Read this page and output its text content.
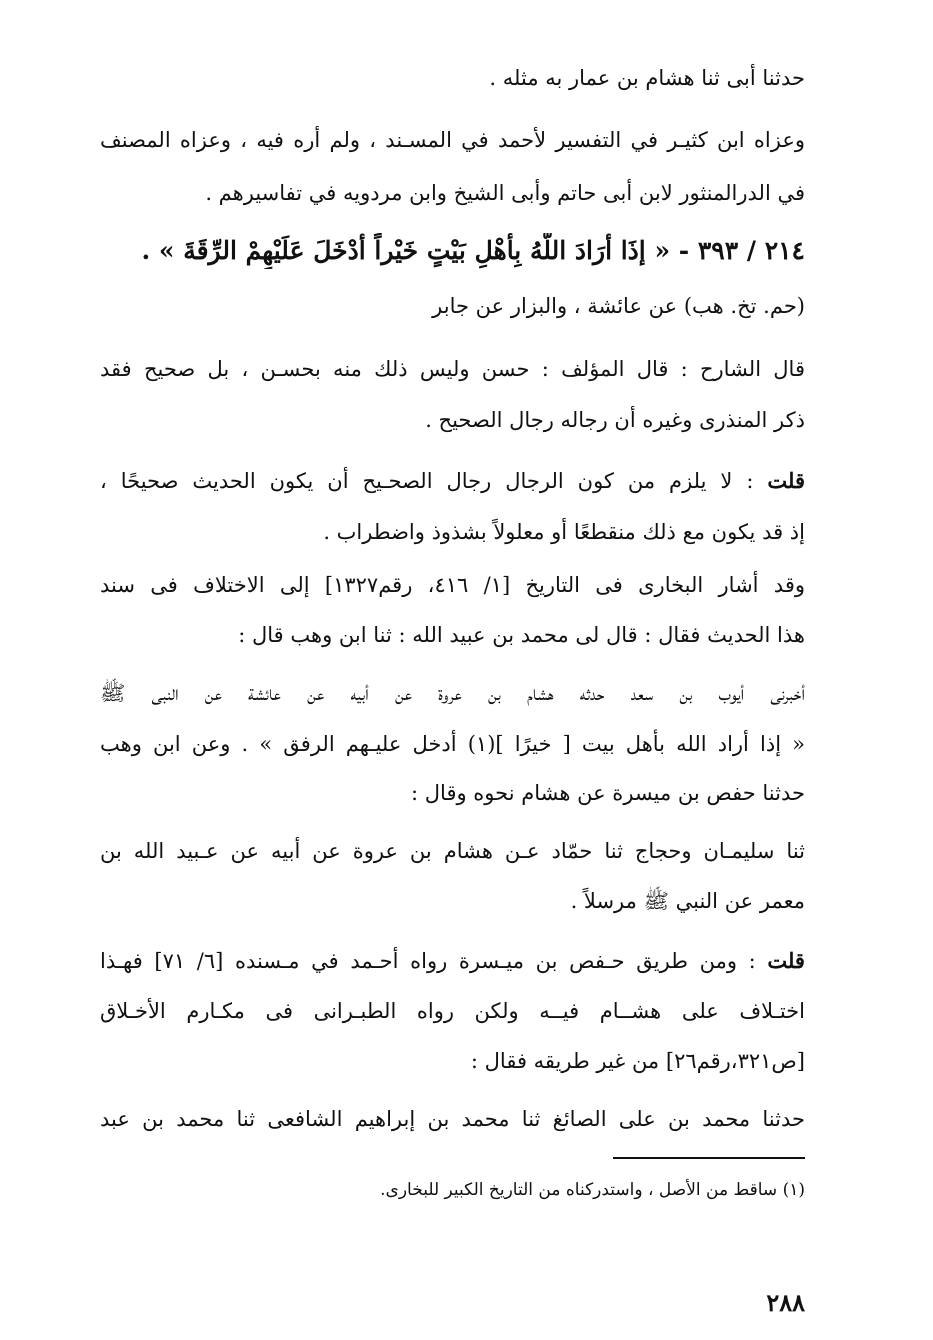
حدثنا أبى ثنا هشام بن عمار به مثله .
وعزاه ابن كثيـر في التفسير لأحمد في المسـند ، ولم أره فيه ، وعزاه المصنف
في الدرالمنثور لابن أبى حاتم وأبى الشيخ وابن مردويه في تفاسيرهم .
٢١٤ / ٣٩٣ - « إذَا أرَادَ اللَّهُ بِأهْلِ بَيْتٍ خَيْراً أدْخَلَ عَلَيْهِمْ الرِّقَةَ » .
(حم. تخ. هب) عن عائشة ، والبزار عن جابر
قال الشارح : قال المؤلف : حسن وليس ذلك منه بحسـن ، بل صحيح فقد
ذكر المنذرى وغيره أن رجاله رجال الصحيح .
قلت : لا يلزم من كون الرجال رجال الصحـيح أن يكون الحديث صحيحًا ،
إذ قد يكون مع ذلك منقطعًا أو معلولاً بشذوذ واضطراب .
وقد أشار البخارى فى التاريخ [١/ ٤١٦، رقم١٣٢٧] إلى الاختلاف فى سند
هذا الحديث فقال : قال لى محمد بن عبيد الله : ثنا ابن وهب قال :
أخبرنى أيوب بن سعد حدثه هشام بن عروة عن أبيه عن عائشة عن النبى ﷺ
« إذا أراد الله بأهل بيت [ خيرًا ](١) أدخل عليـهم الرفق » . وعن ابن وهب
حدثنا حفص بن ميسرة عن هشام نحوه وقال :
ثنا سليمـان وحجاج ثنا حمّاد عـن هشام بن عروة عن أبيه عن عـبيد الله بن
معمر عن النبي ﷺ مرسلاً .
قلت : ومن طريق حـفص بن ميـسرة رواه أحـمد في مـسنده [٦/ ٧١] فهـذا
اختـلاف على هشــام فيــه ولكن رواه الطبـرانى فى مكـارم الأخـلاق
[ص٣٢١،رقم٢٦] من غير طريقه فقال :
حدثنا محمد بن على الصائغ ثنا محمد بن إبراهيم الشافعى ثنا محمد بن عبد
(١) ساقط من الأصل ، واستدركناه من التاريخ الكبير للبخارى.
٢٨٨
